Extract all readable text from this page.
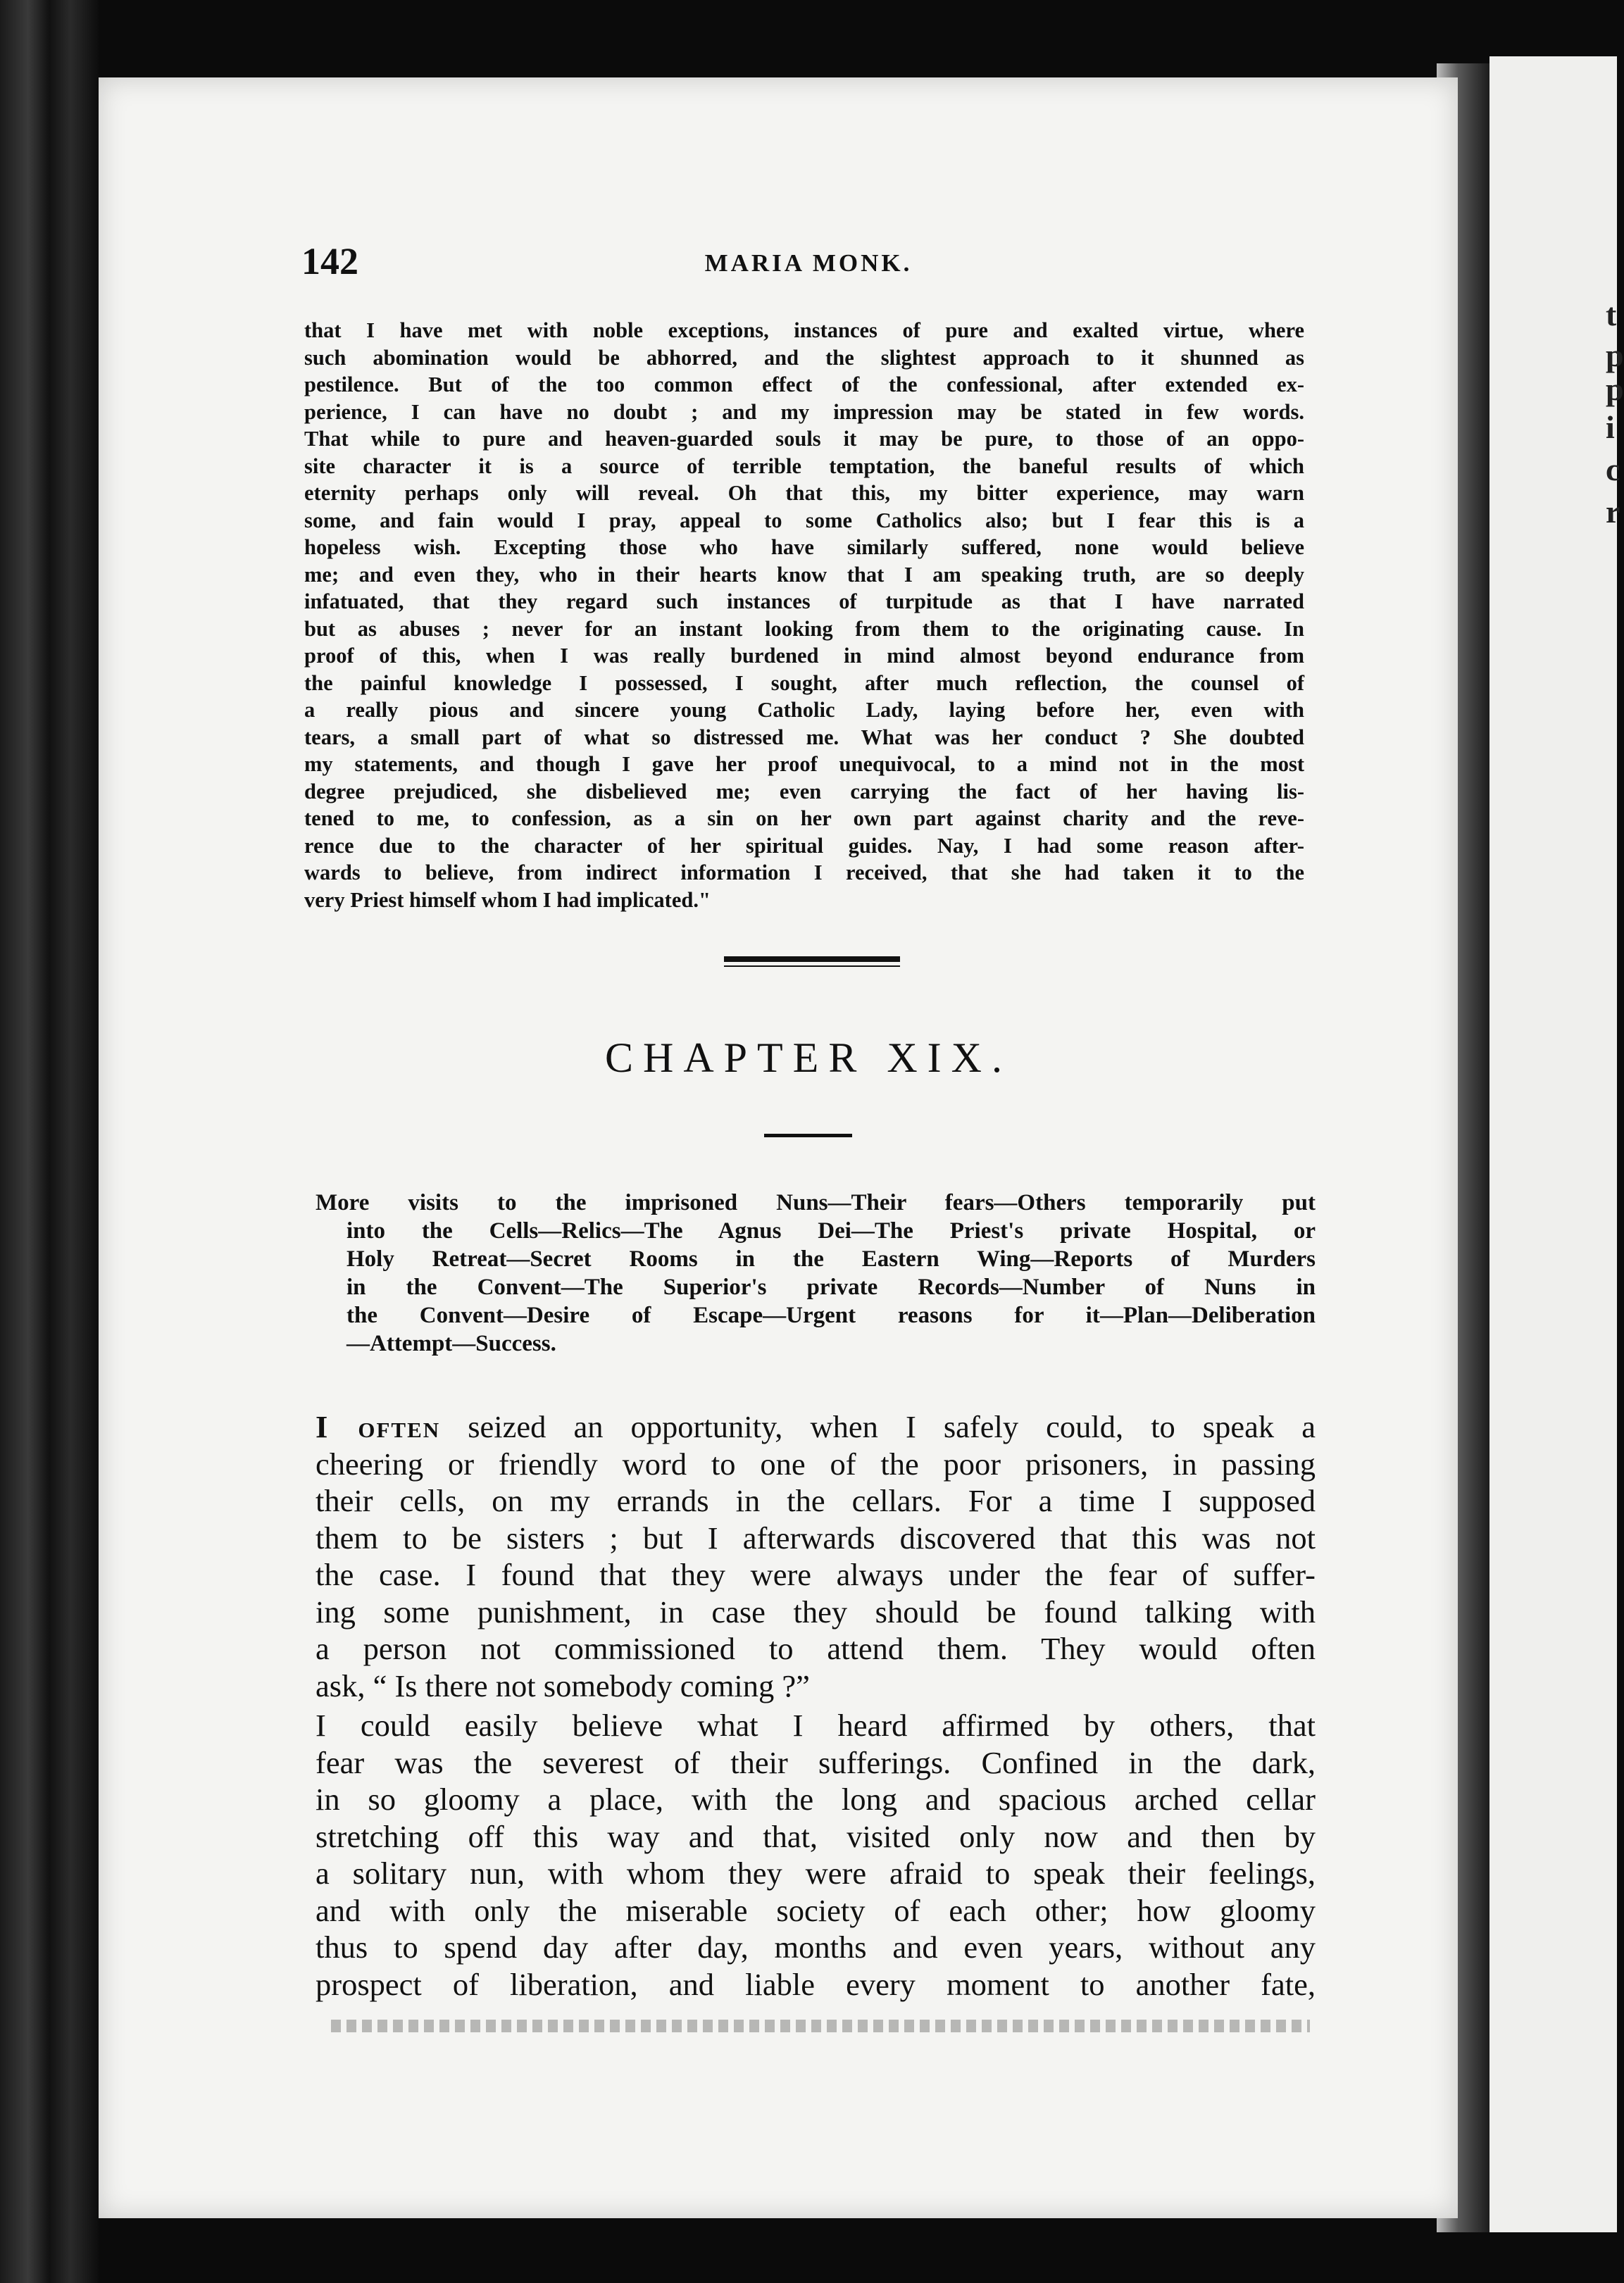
t
p
p
i
c
r
142	MARIA MONK.
that I have met with noble exceptions, instances of pure and exalted virtue, where
such abomination would be abhorred, and the slightest approach to it shunned as
pestilence. But of the too common effect of the confessional, after extended ex-
perience, I can have no doubt ; and my impression may be stated in few words.
That while to pure and heaven-guarded souls it may be pure, to those of an oppo-
site character it is a source of terrible temptation, the baneful results of which
eternity perhaps only will reveal. Oh that this, my bitter experience, may warn
some, and fain would I pray, appeal to some Catholics also; but I fear this is a
hopeless wish. Excepting those who have similarly suffered, none would believe
me; and even they, who in their hearts know that I am speaking truth, are so deeply
infatuated, that they regard such instances of turpitude as that I have narrated
but as abuses ; never for an instant looking from them to the originating cause. In
proof of this, when I was really burdened in mind almost beyond endurance from
the painful knowledge I possessed, I sought, after much reflection, the counsel of
a really pious and sincere young Catholic Lady, laying before her, even with
tears, a small part of what so distressed me. What was her conduct ? She doubted
my statements, and though I gave her proof unequivocal, to a mind not in the most
degree prejudiced, she disbelieved me; even carrying the fact of her having lis-
tened to me, to confession, as a sin on her own part against charity and the reve-
rence due to the character of her spiritual guides. Nay, I had some reason after-
wards to believe, from indirect information I received, that she had taken it to the
very Priest himself whom I had implicated."
CHAPTER XIX.
More visits to the imprisoned Nuns—Their fears—Others temporarily put
into the Cells—Relics—The Agnus Dei—The Priest's private Hospital, or
Holy Retreat—Secret Rooms in the Eastern Wing—Reports of Murders
in the Convent—The Superior's private Records—Number of Nuns in
the Convent—Desire of Escape—Urgent reasons for it—Plan—Deliberation
—Attempt—Success.
I often seized an opportunity, when I safely could, to speak a
cheering or friendly word to one of the poor prisoners, in passing
their cells, on my errands in the cellars. For a time I supposed
them to be sisters ; but I afterwards discovered that this was not
the case. I found that they were always under the fear of suffer-
ing some punishment, in case they should be found talking with
a person not commissioned to attend them. They would often
ask, “ Is there not somebody coming ?”
I could easily believe what I heard affirmed by others, that
fear was the severest of their sufferings. Confined in the dark,
in so gloomy a place, with the long and spacious arched cellar
stretching off this way and that, visited only now and then by
a solitary nun, with whom they were afraid to speak their feelings,
and with only the miserable society of each other; how gloomy
thus to spend day after day, months and even years, without any
prospect of liberation, and liable every moment to another fate,
